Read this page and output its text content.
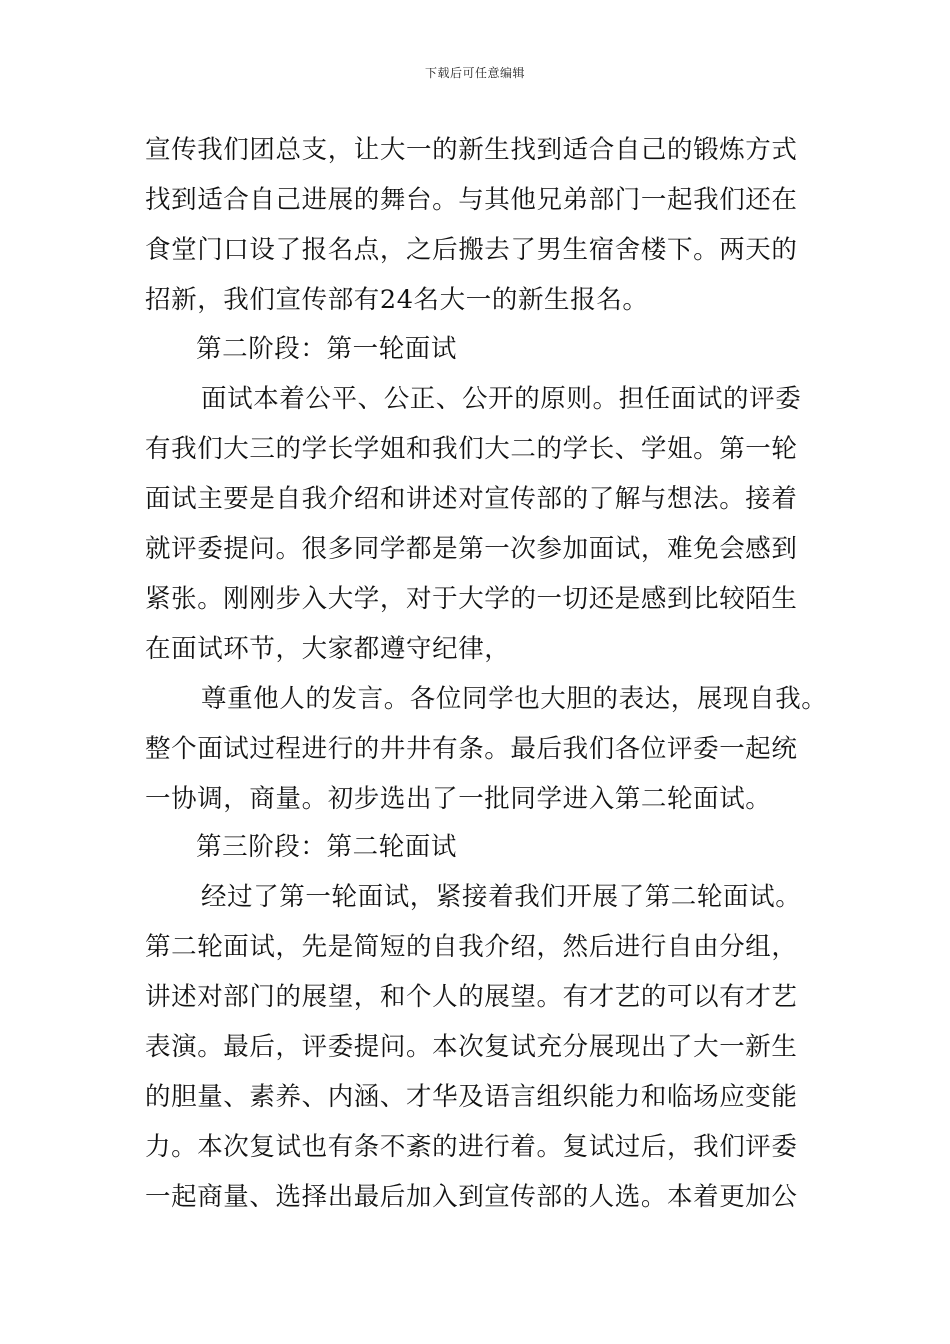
下载后可任意编辑
宣传我们团总支，让大一的新生找到适合自己的锻炼方式
找到适合自己进展的舞台。与其他兄弟部门一起我们还在
食堂门口设了报名点，之后搬去了男生宿舍楼下。两天的
招新，我们宣传部有24名大一的新生报名。
第二阶段：第一轮面试
面试本着公平、公正、公开的原则。担任面试的评委
有我们大三的学长学姐和我们大二的学长、学姐。第一轮
面试主要是自我介绍和讲述对宣传部的了解与想法。接着
就评委提问。很多同学都是第一次参加面试，难免会感到
紧张。刚刚步入大学，对于大学的一切还是感到比较陌生
在面试环节，大家都遵守纪律，
尊重他人的发言。各位同学也大胆的表达，展现自我。
整个面试过程进行的井井有条。最后我们各位评委一起统
一协调，商量。初步选出了一批同学进入第二轮面试。
第三阶段：第二轮面试
经过了第一轮面试，紧接着我们开展了第二轮面试。
第二轮面试，先是简短的自我介绍，然后进行自由分组，
讲述对部门的展望，和个人的展望。有才艺的可以有才艺
表演。最后，评委提问。本次复试充分展现出了大一新生
的胆量、素养、内涵、才华及语言组织能力和临场应变能
力。本次复试也有条不紊的进行着。复试过后，我们评委
一起商量、选择出最后加入到宣传部的人选。本着更加公
